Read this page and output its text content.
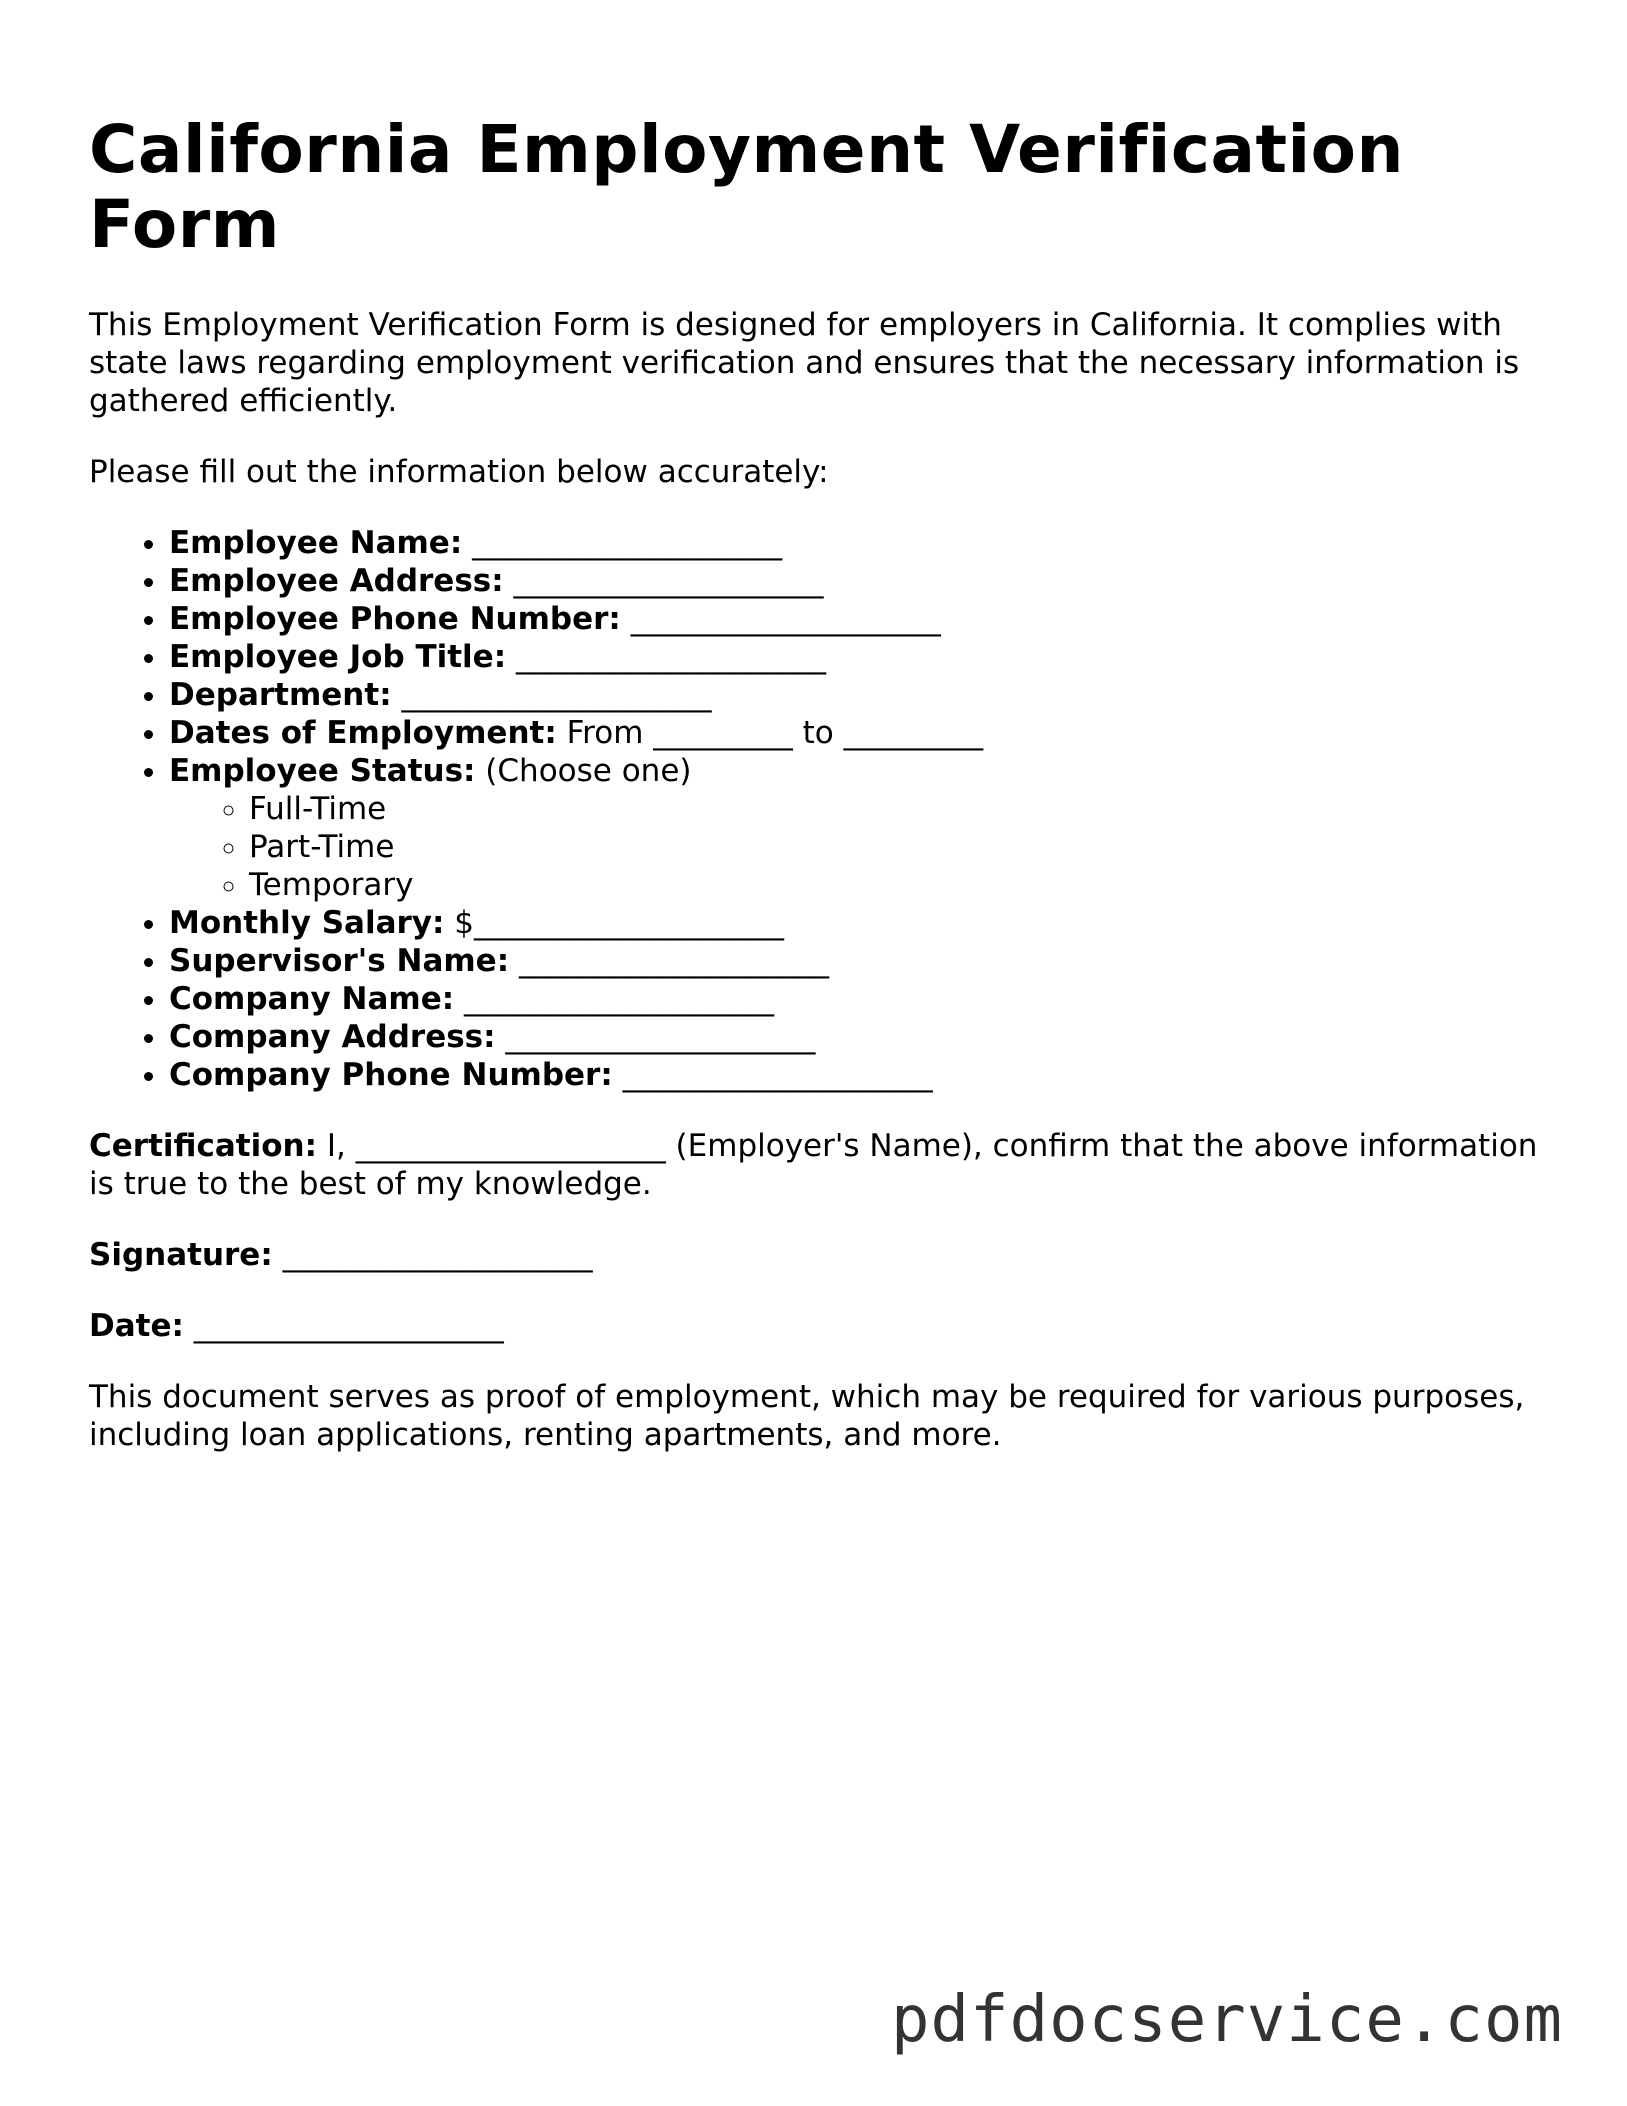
California Employment Verification Form

This Employment Verification Form is designed for employers in California. It complies with state laws regarding employment verification and ensures that the necessary information is gathered efficiently.

Please fill out the information below accurately:

• Employee Name: ____________________
• Employee Address: ____________________
• Employee Phone Number: ____________________
• Employee Job Title: ____________________
• Department: ____________________
• Dates of Employment: From _________ to _________
• Employee Status: (Choose one)
◦ Full-Time
◦ Part-Time
◦ Temporary
• Monthly Salary: $____________________
• Supervisor's Name: ____________________
• Company Name: ____________________
• Company Address: ____________________
• Company Phone Number: ____________________

Certification: I, ____________________ (Employer's Name), confirm that the above information is true to the best of my knowledge.

Signature: ____________________

Date: ____________________

This document serves as proof of employment, which may be required for various purposes, including loan applications, renting apartments, and more.

pdfdocservice.com
